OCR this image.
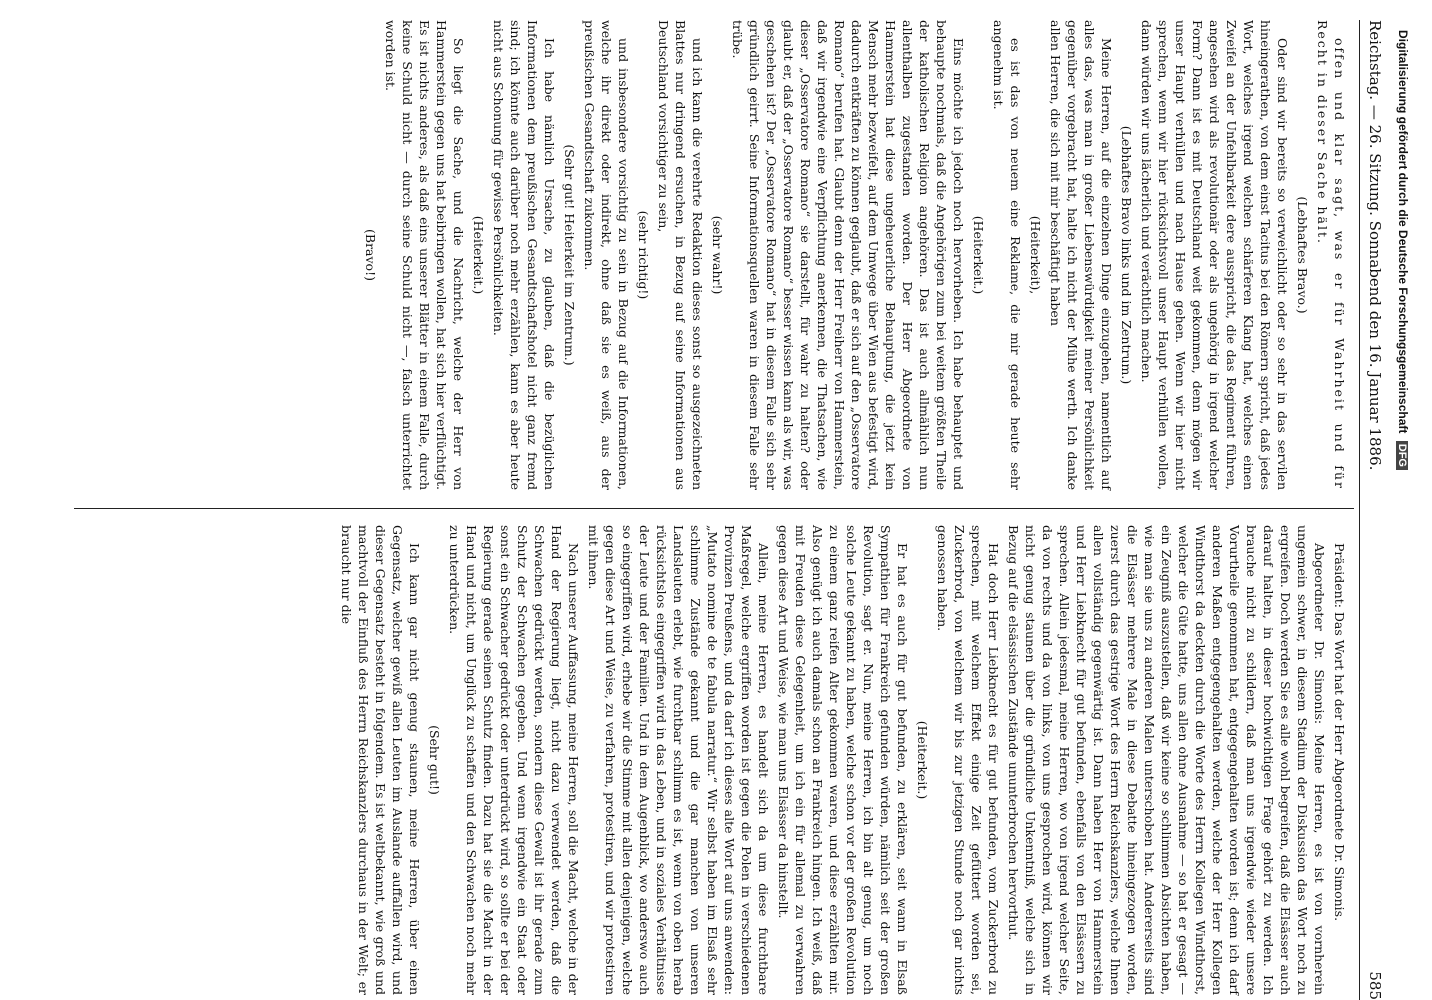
Reichstag. — 26. Sitzung. Sonnabend den 16. Januar 1886.
585

offen und klar sagt, was er für Wahrheit und für Recht in dieser Sache hält.

(Lebhaftes Bravo.)

Oder sind wir bereits so verweichlicht oder so sehr in das servilen hineingerathen, von dem einst Tacitus bei den Römern spricht, daß jedes Wort, welches irgend welchen schärferen Klang hat, welches einen Zweifel an der Unfehlbarkeit dere ausspricht, die das Regiment führen, angesehen wird als revolutionär oder als ungehörig in irgend welcher Form? Dann ist es mit Deutschland weit gekommen, denn mögen wir unser Haupt verhüllen und nach Hause gehen. Wenn wir hier nicht sprechen, wenn wir hier rücksichtsvoll unser Haupt verhüllen wollen, dann würden wir uns lächerlich und verächtlich machen.

(Lebhaftes Bravo links und im Zentrum.)

Meine Herren, auf die einzelnen Dinge einzugehen, namentlich auf alles das, was man in großer Liebenswürdigkeit meiner Persönlichkeit gegenüber vorgebracht hat, halte ich nicht der Mühe werth. Ich danke allen Herren, die sich mit mir beschäftigt haben

(Heiterkeit),

es ist das von neuem eine Reklame, die mir gerade heute sehr angenehm ist.

(Heiterkeit.)

Eins möchte ich jedoch noch hervorheben. Ich habe behauptet und behaupte nochmals, daß die Angehörigen zum bei weitem größten Theile der katholischen Religion angehören. Das ist auch allmählich nun allenthalben zugestanden worden. Der Herr Abgeordnete von Hammerstein hat diese ungeheuerliche Behauptung, die jetzt kein Mensch mehr bezweifelt, auf dem Umwege über Wien aus befestigt wird, dadurch entkräften zu können geglaubt, daß er sich auf den „Osservatore Romano“ berufen hat. Glaubt denn der Herr Freiherr von Hammerstein, daß wir irgendwie eine Verpflichtung anerkennen, die Thatsachen, wie dieser „Osservatore Romano“ sie darstellt, für wahr zu halten? oder glaubt er, daß der „Osservatore Romano“ besser wissen kann als wir, was geschehen ist? Der „Osservatore Romano“ hat in diesem Falle sich sehr gründlich geirrt. Seine Informationsquellen waren in diesem Falle sehr trübe.

(sehr wahr!)

und ich kann die verehrte Redaktion dieses sonst so ausgezeichneten Blattes nur dringend ersuchen, in Bezug auf seine Informationen aus Deutschland vorsichtiger zu sein,

(sehr richtig!)

und insbesondere vorsichtig zu sein in Bezug auf die Informationen, welche ihr direkt oder indirekt, ohne daß sie es weiß, aus der preußischen Gesandtschaft zukommen.

(Sehr gut! Heiterkeit im Zentrum.)

Ich habe nämlich Ursache, zu glauben, daß die bezüglichen Informationen dem preußischen Gesandtschaftshotel nicht ganz fremd sind; ich könnte auch darüber noch mehr erzählen, kann es aber heute nicht aus Schonung für gewisse Persönlichkeiten.

(Heiterkeit.)

So liegt die Sache, und die Nachricht, welche der Herr von Hammerstein gegen uns hat beibringen wollen, hat sich hier verflüchtigt. Es ist nichts anderes, als daß eins unserer Blätter in einem Falle, durch keine Schuld nicht — durch seine Schuld nicht —, falsch unterrichtet worden ist.

(Bravo!)

Präsident: Das Wort hat der Herr Abgeordnete Dr. Simonis.

Abgeordneter Dr. Simonis: Meine Herren, es ist von vornherein ungemein schwer, in diesem Stadium der Diskussion das Wort noch zu ergreifen. Doch werden Sie es alle wohl begreifen, daß die Elsässer auch darauf halten, in dieser hochwichtigen Frage gehört zu werden. Ich brauche nicht zu schildern, daß man uns irgendwie wieder unsere Vorurtheile genommen hat, entgegengehalten worden ist; denn ich darf anderen Maßen entgegengehalten werden, welche der Herr Kollegen Windthorst da deckten durch die Worte des Herrn Kollegen Windthorst, welcher die Güte hatte, uns allen ohne Ausnahme — so hat er gesagt — ein Zeugniß auszustellen, daß wir keine so schlimmen Absichten haben, wie man sie uns zu anderen Malen unterschoben hat. Andererseits sind die Elsässer mehrere Male in diese Debatte hineingezogen worden, zuerst durch das gestrige Wort des Herrn Reichskanzlers, welche Ihnen allen vollständig gegenwärtig ist. Dann haben Herr von Hammerstein und Herr Liebknecht für gut befunden, ebenfalls von den Elsässern zu sprechen. Allein jedesmal, meine Herren, wo von irgend welcher Seite, da von rechts und da von links, von uns gesprochen wird, können wir nicht genug staunen über die gründliche Unkenntniß, welche sich in Bezug auf die elsässischen Zustände ununterbrochen hervorthut.

Hat doch Herr Liebknecht es für gut befunden, vom Zuckerbrod zu sprechen, mit welchem Effekt einige Zeit gefüttert worden sei, Zuckerbrod, von welchem wir bis zur jetzigen Stunde noch gar nichts genossen haben.

(Heiterkeit.)

Er hat es auch für gut befunden, zu erklären, seit wann in Elsaß Sympathien für Frankreich gefunden würden, nämlich seit der großen Revolution, sagt er. Nun, meine Herren, ich bin alt genug, um noch solche Leute gekannt zu haben, welche schon vor der großen Revolution zu einem ganz reifen Alter gekommen waren, und diese erzählten mir. Also genügt ich auch damals schon an Frankreich hingen. Ich weiß, daß mit Freuden diese Gelegenheit, um ich ein für allemal zu verwahren gegen diese Art und Weise, wie man uns Elsässer da hinstellt.

Allein, meine Herren, es handelt sich da um diese furchtbare Maßregel, welche ergriffen worden ist gegen die Polen in verschiedenen Provinzen Preußens, und da darf ich dieses alte Wort auf uns anwenden: „Mutato nomine de te fabula narratur.“ Wir selbst haben im Elsaß sehr schlimme Zustände gekannt und die gar manchen von unseren Landsleuten erlebt, wie furchtbar schlimm es ist, wenn von oben herab rücksichtslos eingegriffen wird in das Leben, und in soziales Verhältnisse der Leute und der Familien. Und in dem Augenblick, wo anderswo auch so eingegriffen wird, erhebe wir die Stimme mit allen denjenigen, welche gegen diese Art und Weise, zu verfahren, protestiren, und wir protestiren mit ihnen.

Nach unserer Auffassung, meine Herren, soll die Macht, welche in der Hand der Regierung liegt, nicht dazu verwendet werden, daß die Schwachen gedrückt werden, sondern diese Gewalt ist ihr gerade zum Schutz der Schwachen gegeben. Und wenn irgendwie ein Staat oder sonst ein Schwacher gedrückt oder unterdrückt wird, so sollte er bei der Regierung gerade seinen Schutz finden. Dazu hat sie die Macht in der Hand und nicht, um Unglück zu schaffen und den Schwachen noch mehr zu unterdrücken.

(Sehr gut!)

Ich kann gar nicht genug staunen, meine Herren, über einen Gegensatz, welcher gewiß allen Leuten im Auslande auffallen wird, und dieser Gegensatz besteht in folgendem. Es ist weltbekannt, wie groß und machtvoll der Einfluß des Herrn Reichskanzlers durchaus in der Welt; er braucht nur die

Digitalisierung gefördert durch die Deutsche Forschungsgemeinschaft DFG
